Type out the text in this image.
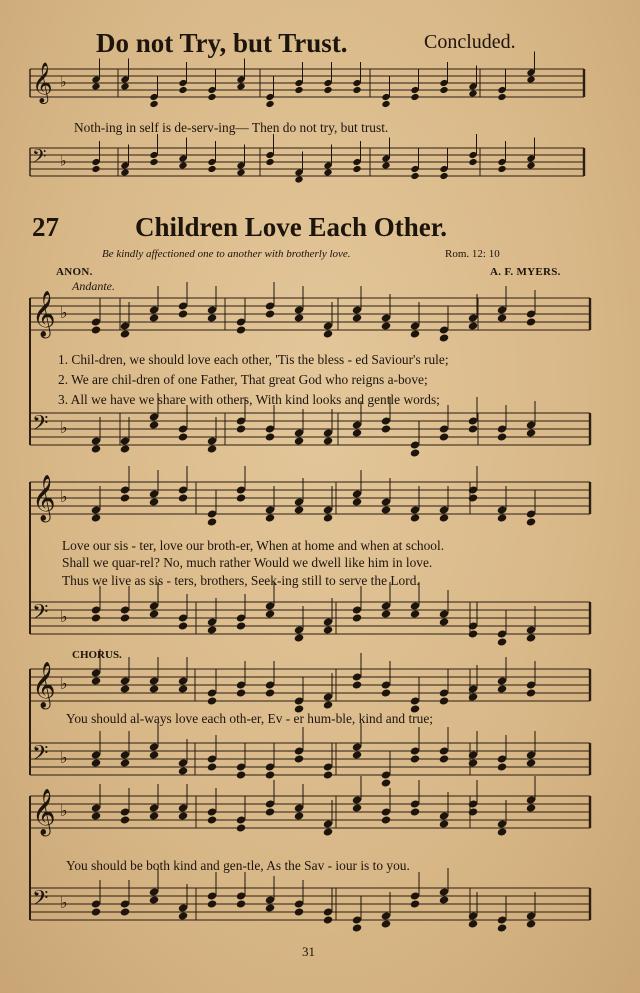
Do not Try, but Trust.	Concluded.
𝄞 ♭
𝄢 ♭
Noth-ing in self is de-serv-ing— Then do not try, but trust.
27	Children Love Each Other.
Be kindly affectioned one to another with brotherly love.	Rom. 12: 10
ANON.	A. F. MYERS.
Andante.
𝄞 ♭
𝄢 ♭
𝄞 ♭
𝄢 ♭
𝄞 ♭
𝄢 ♭
𝄞 ♭
𝄢 ♭
1. Chil-dren, we should love each other, 'Tis the bless - ed Saviour's rule;
2. We are chil-dren of one Father, That great God who reigns a-bove;
3. All we have we share with others, With kind looks and gentle words;
Love our sis - ter, love our broth-er, When at home and when at school.
Shall we quar-rel? No, much rather Would we dwell like him in love.
Thus we live as sis - ters, brothers, Seek-ing still to serve the Lord.
CHORUS.
You should al-ways love each oth-er, Ev - er hum-ble, kind and true;
You should be both kind and gen-tle, As the Sav - iour is to you.
31
